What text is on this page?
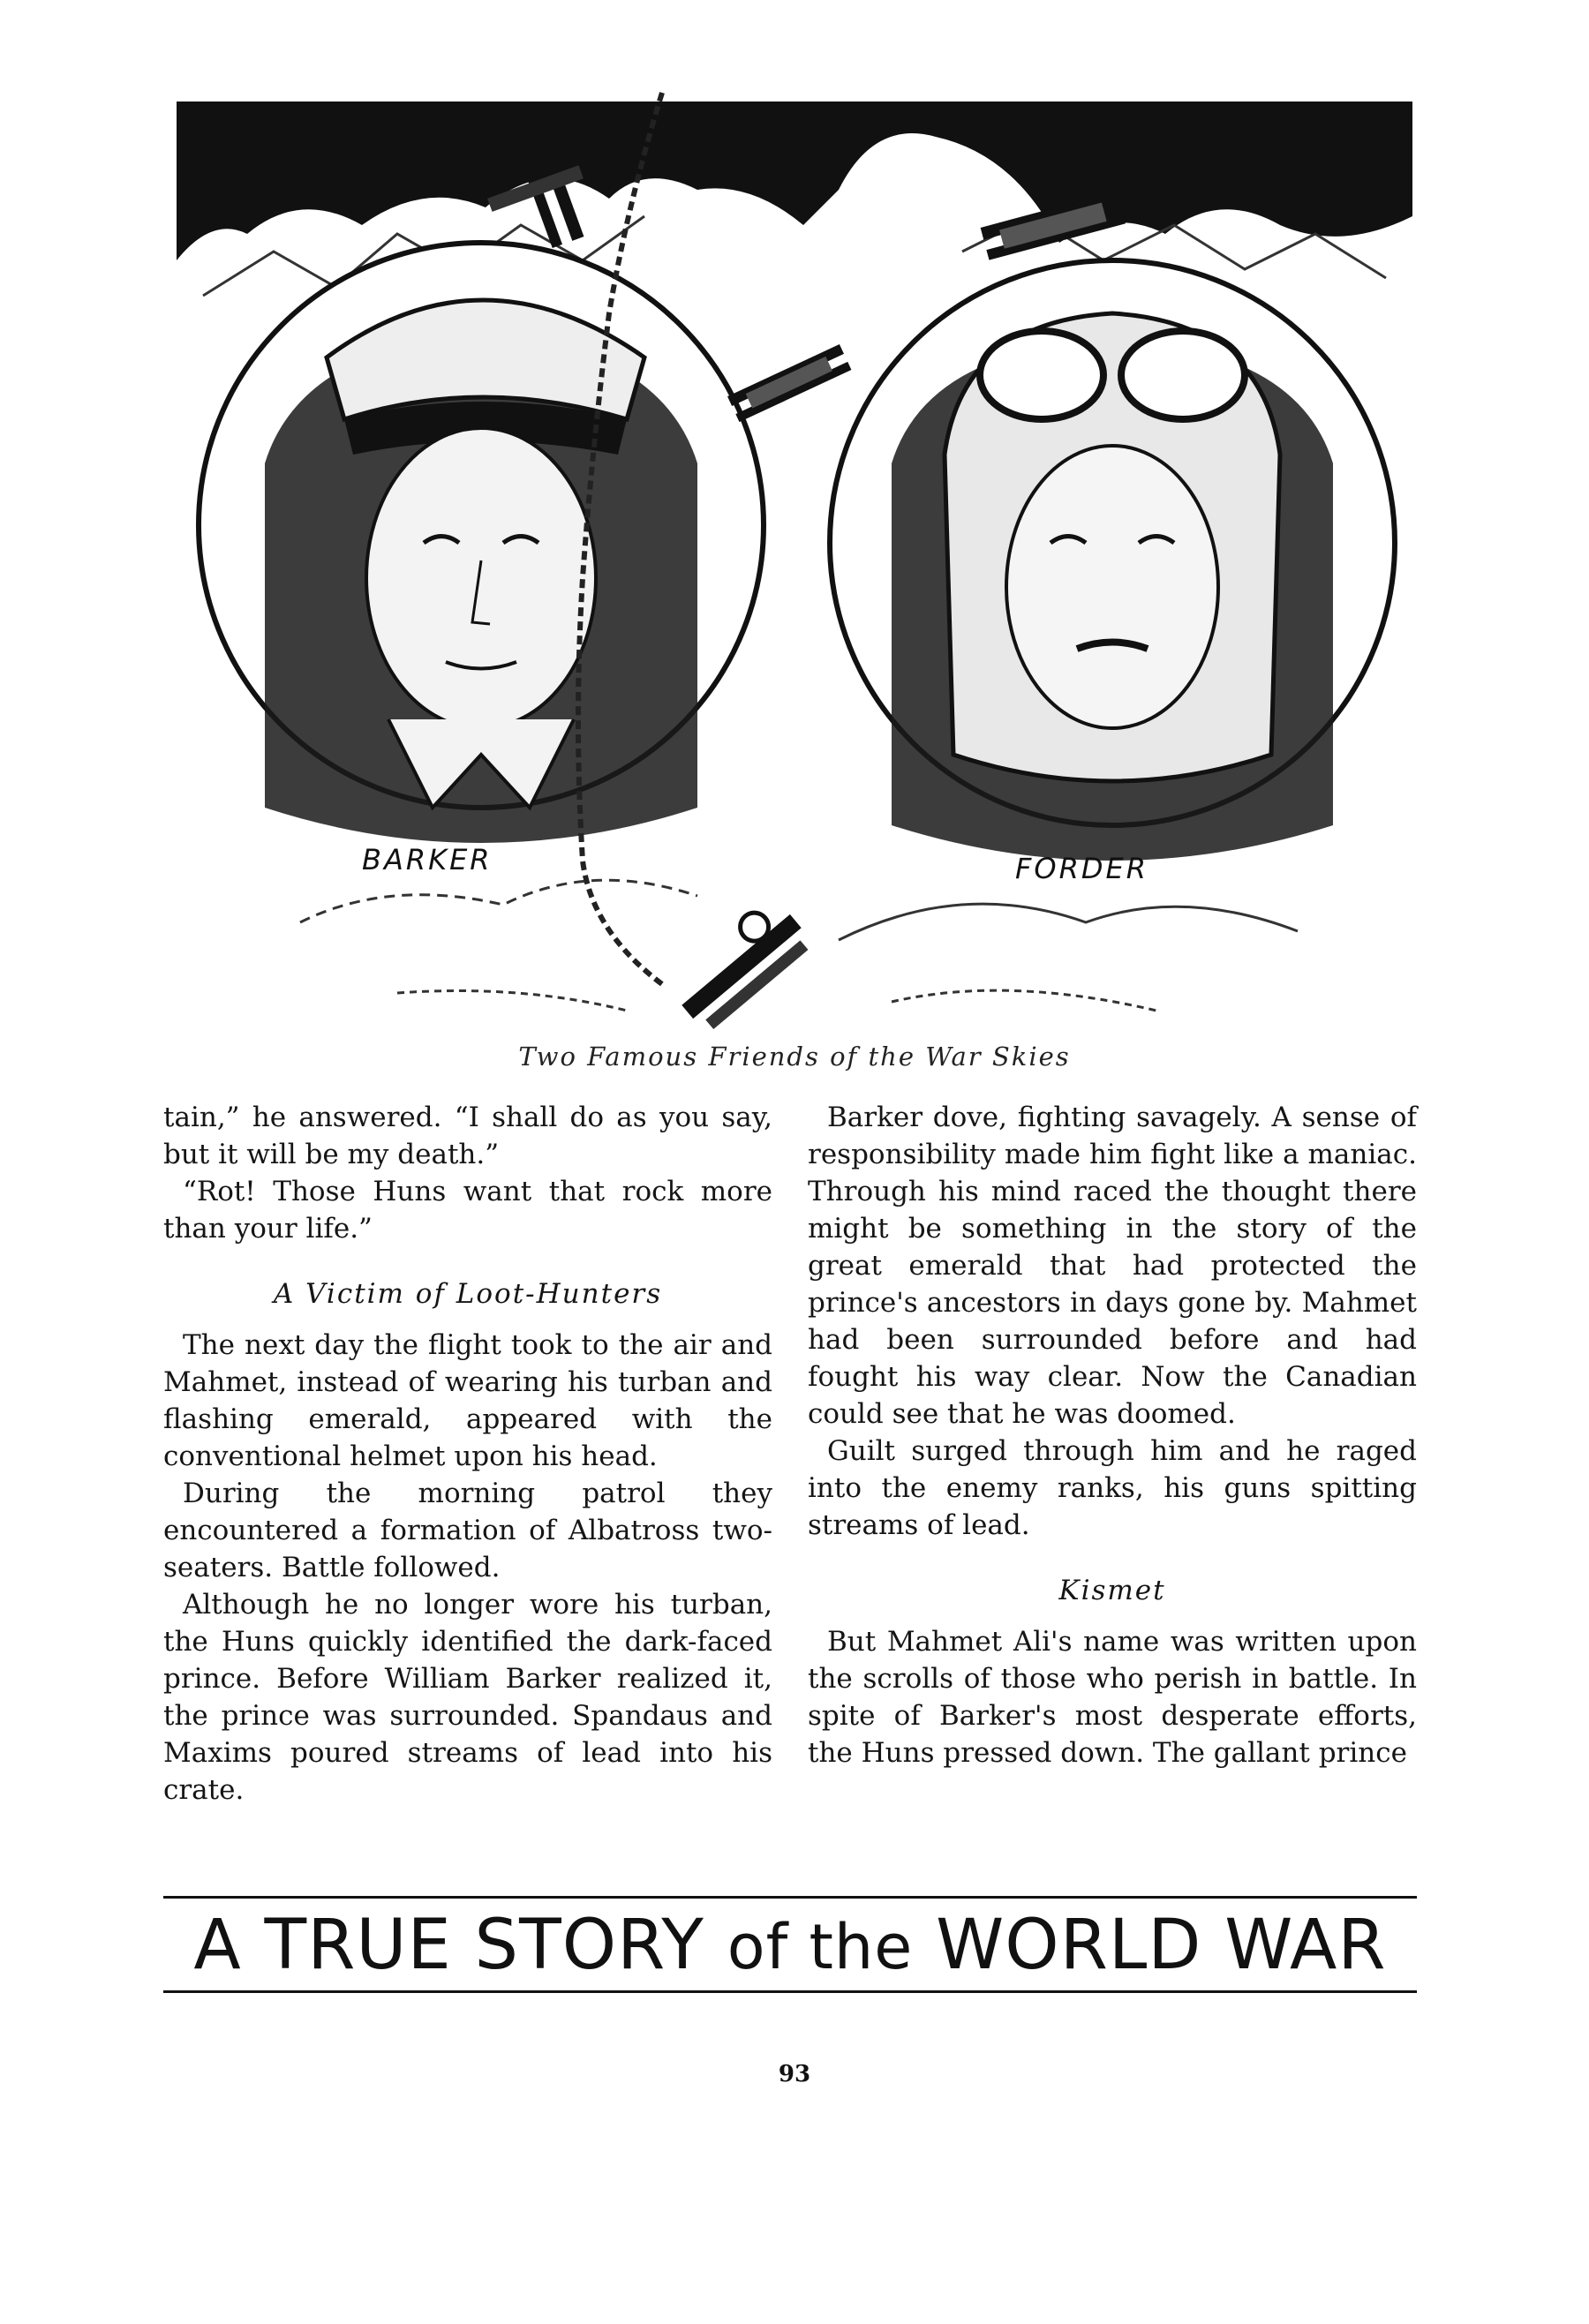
BARKER	FORDER
Two Famous Friends of the War Skies

tain,” he answered. “I shall do as you say, but it will be my death.”

“Rot! Those Huns want that rock more than your life.”

A Victim of Loot-Hunters

The next day the flight took to the air and Mahmet, instead of wearing his turban and flashing emerald, appeared with the conventional helmet upon his head.

During the morning patrol they encountered a formation of Albatross two-seaters. Battle followed.

Although he no longer wore his turban, the Huns quickly identified the dark-faced prince. Before William Barker realized it, the prince was surrounded. Spandaus and Maxims poured streams of lead into his crate.

Barker dove, fighting savagely. A sense of responsibility made him fight like a maniac. Through his mind raced the thought there might be something in the story of the great emerald that had protected the prince's ancestors in days gone by. Mahmet had been surrounded before and had fought his way clear. Now the Canadian could see that he was doomed.

Guilt surged through him and he raged into the enemy ranks, his guns spitting streams of lead.

Kismet

But Mahmet Ali's name was written upon the scrolls of those who perish in battle. In spite of Barker's most desperate efforts, the Huns pressed down. The gallant prince

A TRUE STORY of the WORLD WAR
93
